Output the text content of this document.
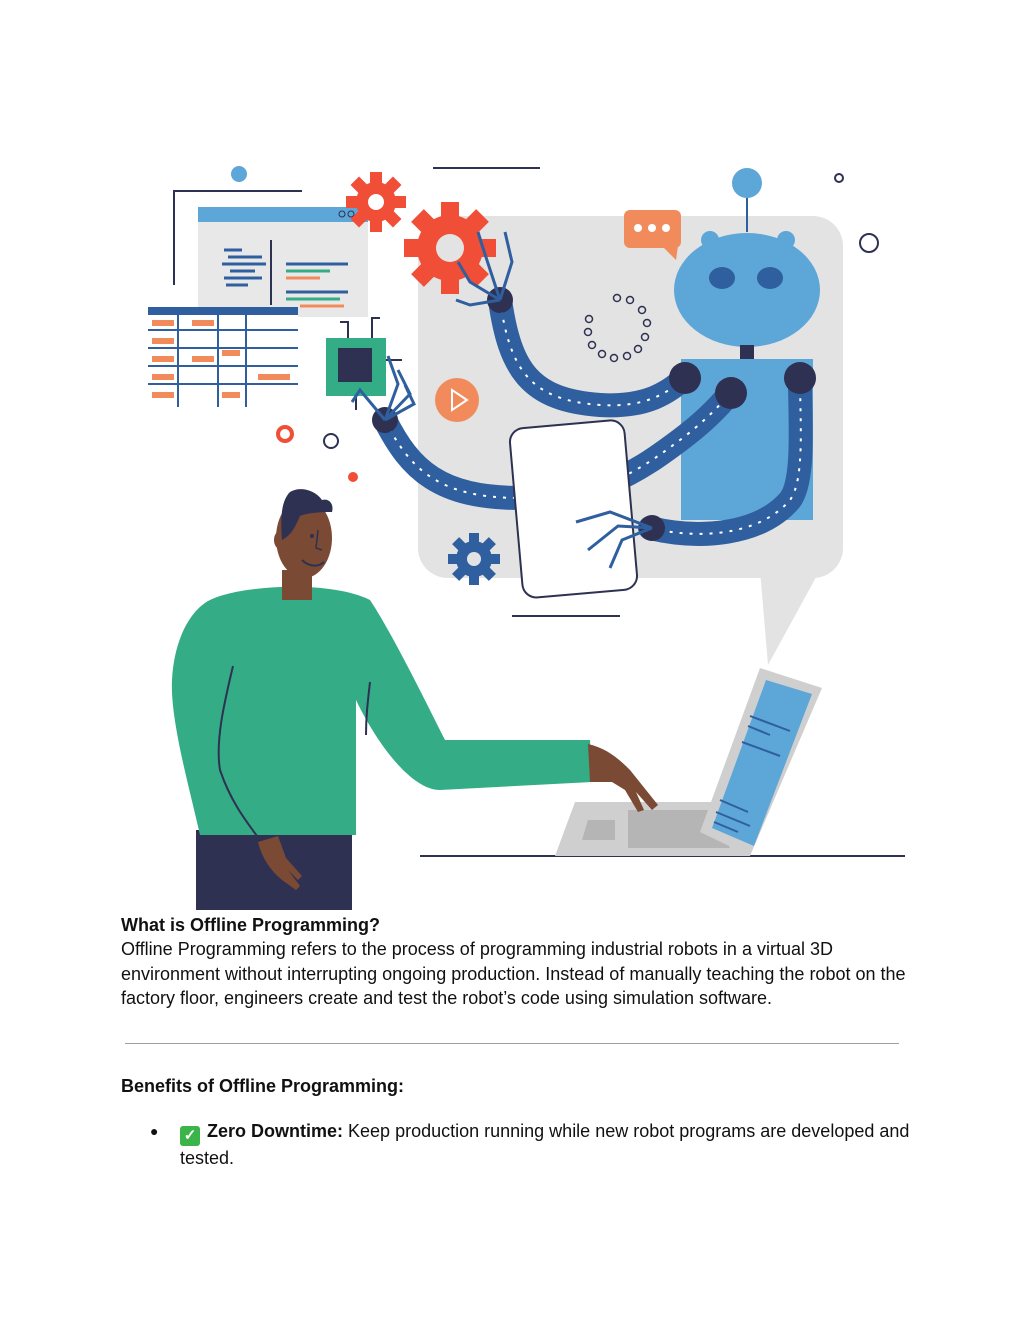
What is Offline Programming?
Offline Programming refers to the process of programming industrial robots in a virtual 3D environment without interrupting ongoing production. Instead of manually teaching the robot on the factory floor, engineers create and test the robot’s code using simulation software.
Benefits of Offline Programming:
● ✓ Zero Downtime: Keep production running while new robot programs are developed and tested.
